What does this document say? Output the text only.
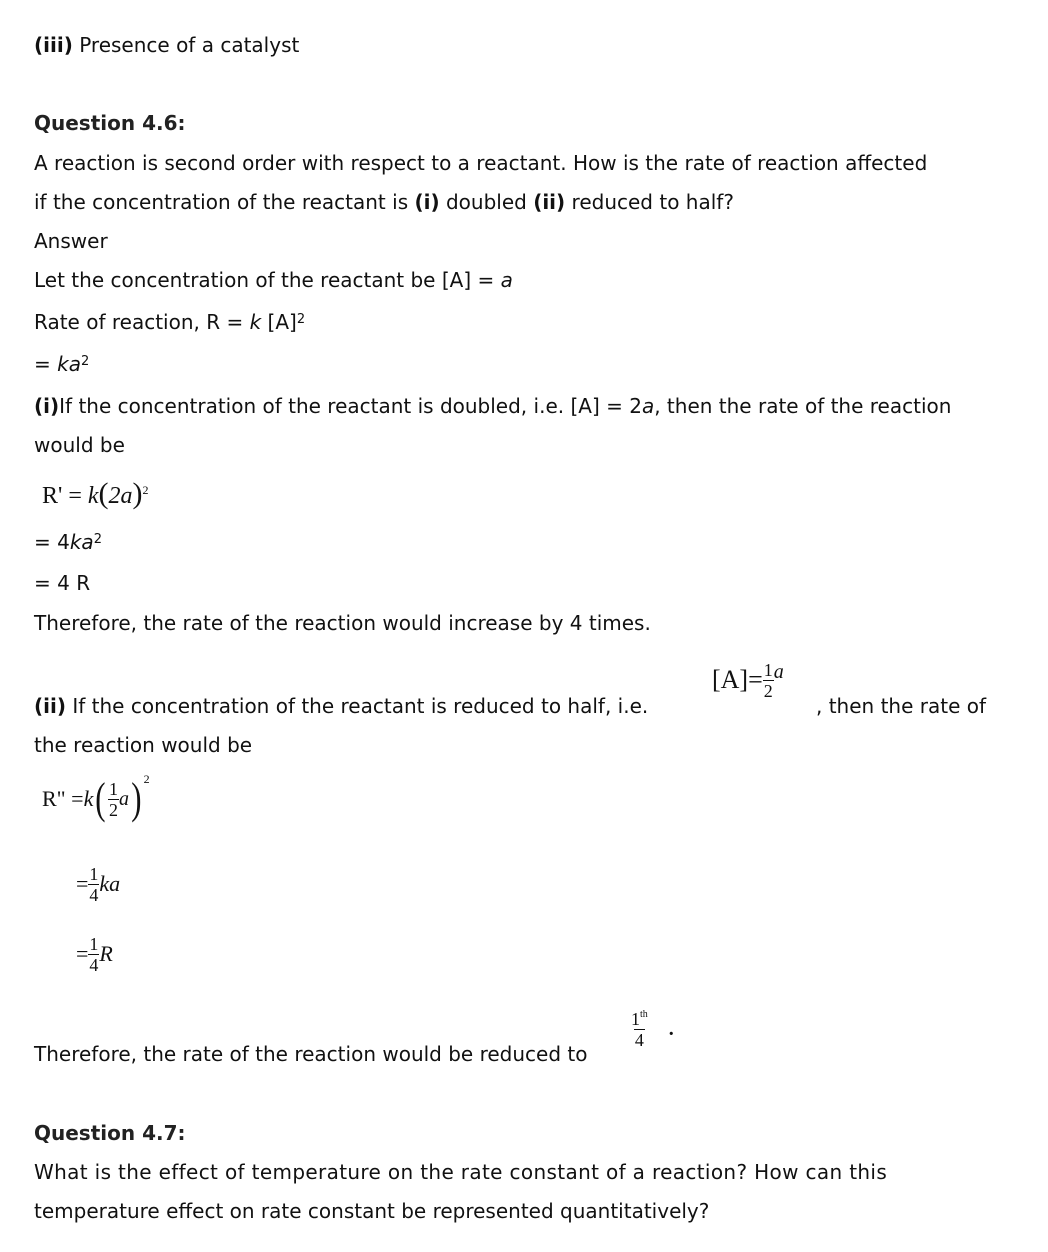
(iii) Presence of a catalyst
Question 4.6:
A reaction is second order with respect to a reactant. How is the rate of reaction affected
if the concentration of the reactant is (i) doubled (ii) reduced to half?
Answer
Let the concentration of the reactant be [A] = a
Rate of reaction, R = k $[A]^2$
= $ka^2$
(i)If the concentration of the reactant is doubled, i.e. [A] = 2a, then the rate of the reaction
would be
$R' = k(2a)^2$
= $4ka^2$
= 4 R
Therefore, the rate of the reaction would increase by 4 times.
(ii) If the concentration of the reactant is reduced to half, i.e.
$[A]= \frac{1}{2}$ a
, then the rate of
the reaction would be
R" = k ( $\frac{1}{2}$ a )$^2$
= $\frac{1}{4}$ ka
= $\frac{1}{4}$ R
Therefore, the rate of the reaction would be reduced to
$\frac{1^{th}}{4}$ .
Question 4.7:
What is the effect of temperature on the rate constant of a reaction? How can this
temperature effect on rate constant be represented quantitatively?
